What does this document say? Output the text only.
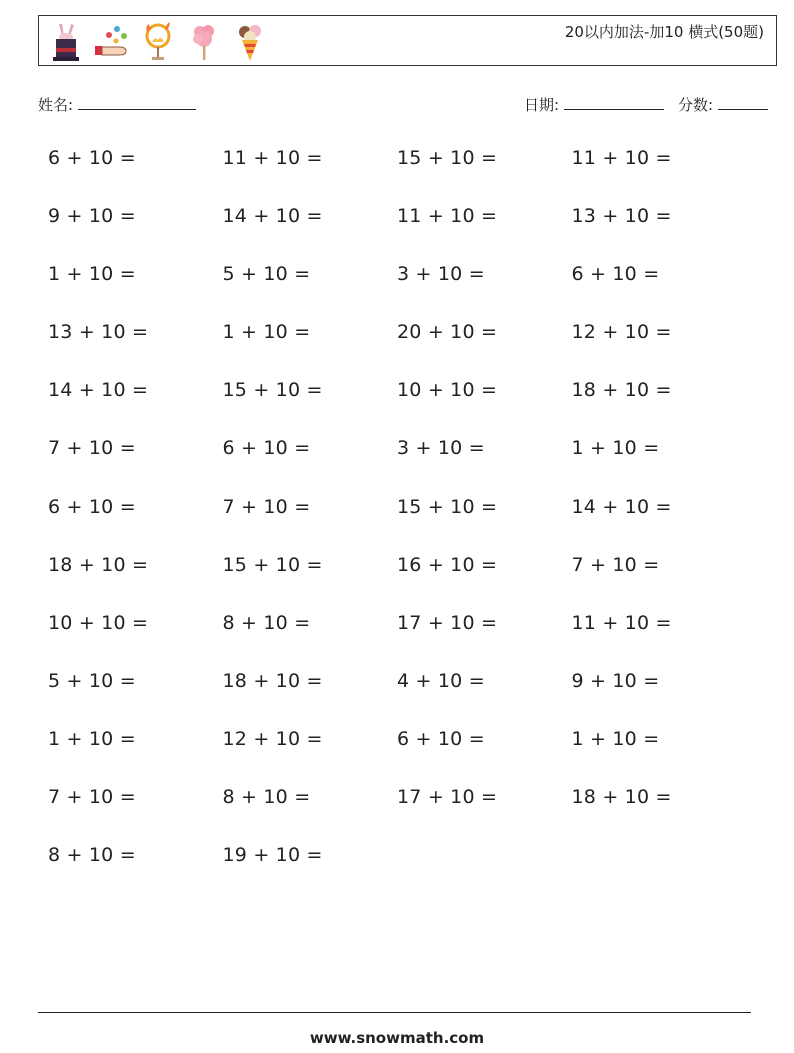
20以内加法-加10 横式(50题)
姓名:	日期:	分数:
6 + 10 =	11 + 10 =	15 + 10 =	11 + 10 =
9 + 10 =	14 + 10 =	11 + 10 =	13 + 10 =
1 + 10 =	5 + 10 =	3 + 10 =	6 + 10 =
13 + 10 =	1 + 10 =	20 + 10 =	12 + 10 =
14 + 10 =	15 + 10 =	10 + 10 =	18 + 10 =
7 + 10 =	6 + 10 =	3 + 10 =	1 + 10 =
6 + 10 =	7 + 10 =	15 + 10 =	14 + 10 =
18 + 10 =	15 + 10 =	16 + 10 =	7 + 10 =
10 + 10 =	8 + 10 =	17 + 10 =	11 + 10 =
5 + 10 =	18 + 10 =	4 + 10 =	9 + 10 =
1 + 10 =	12 + 10 =	6 + 10 =	1 + 10 =
7 + 10 =	8 + 10 =	17 + 10 =	18 + 10 =
8 + 10 =	19 + 10 =
www.snowmath.com
